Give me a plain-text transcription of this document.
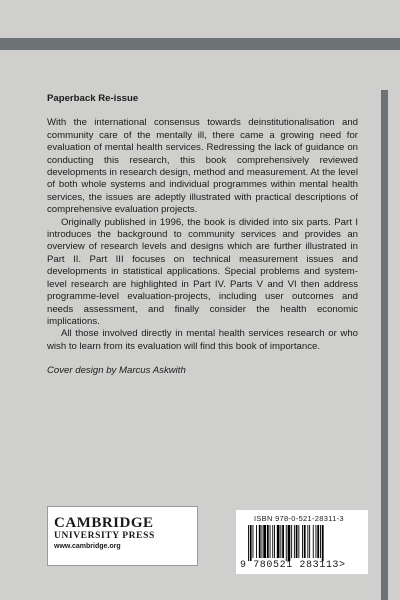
Paperback Re-issue

With the international consensus towards deinstitutionalisation and community care of the mentally ill, there came a growing need for evaluation of mental health services. Redressing the lack of guidance on conducting this research, this book comprehensively reviewed developments in research design, method and measurement. At the level of both whole systems and individual programmes within mental health services, the issues are adeptly illustrated with practical descriptions of comprehensive evaluation projects.

Originally published in 1996, the book is divided into six parts. Part I introduces the background to community services and provides an overview of research levels and designs which are further illustrated in Part II. Part III focuses on technical measurement issues and developments in statistical applications. Special problems and system-level research are highlighted in Part IV. Parts V and VI then address programme-level evaluation-projects, including user outcomes and needs assessment, and finally consider the health economic implications.

All those involved directly in mental health services research or who wish to learn from its evaluation will find this book of importance.

Cover design by Marcus Askwith
CAMBRIDGE
UNIVERSITY PRESS
www.cambridge.org
ISBN 978-0-521-28311-3
9 780521 283113>
